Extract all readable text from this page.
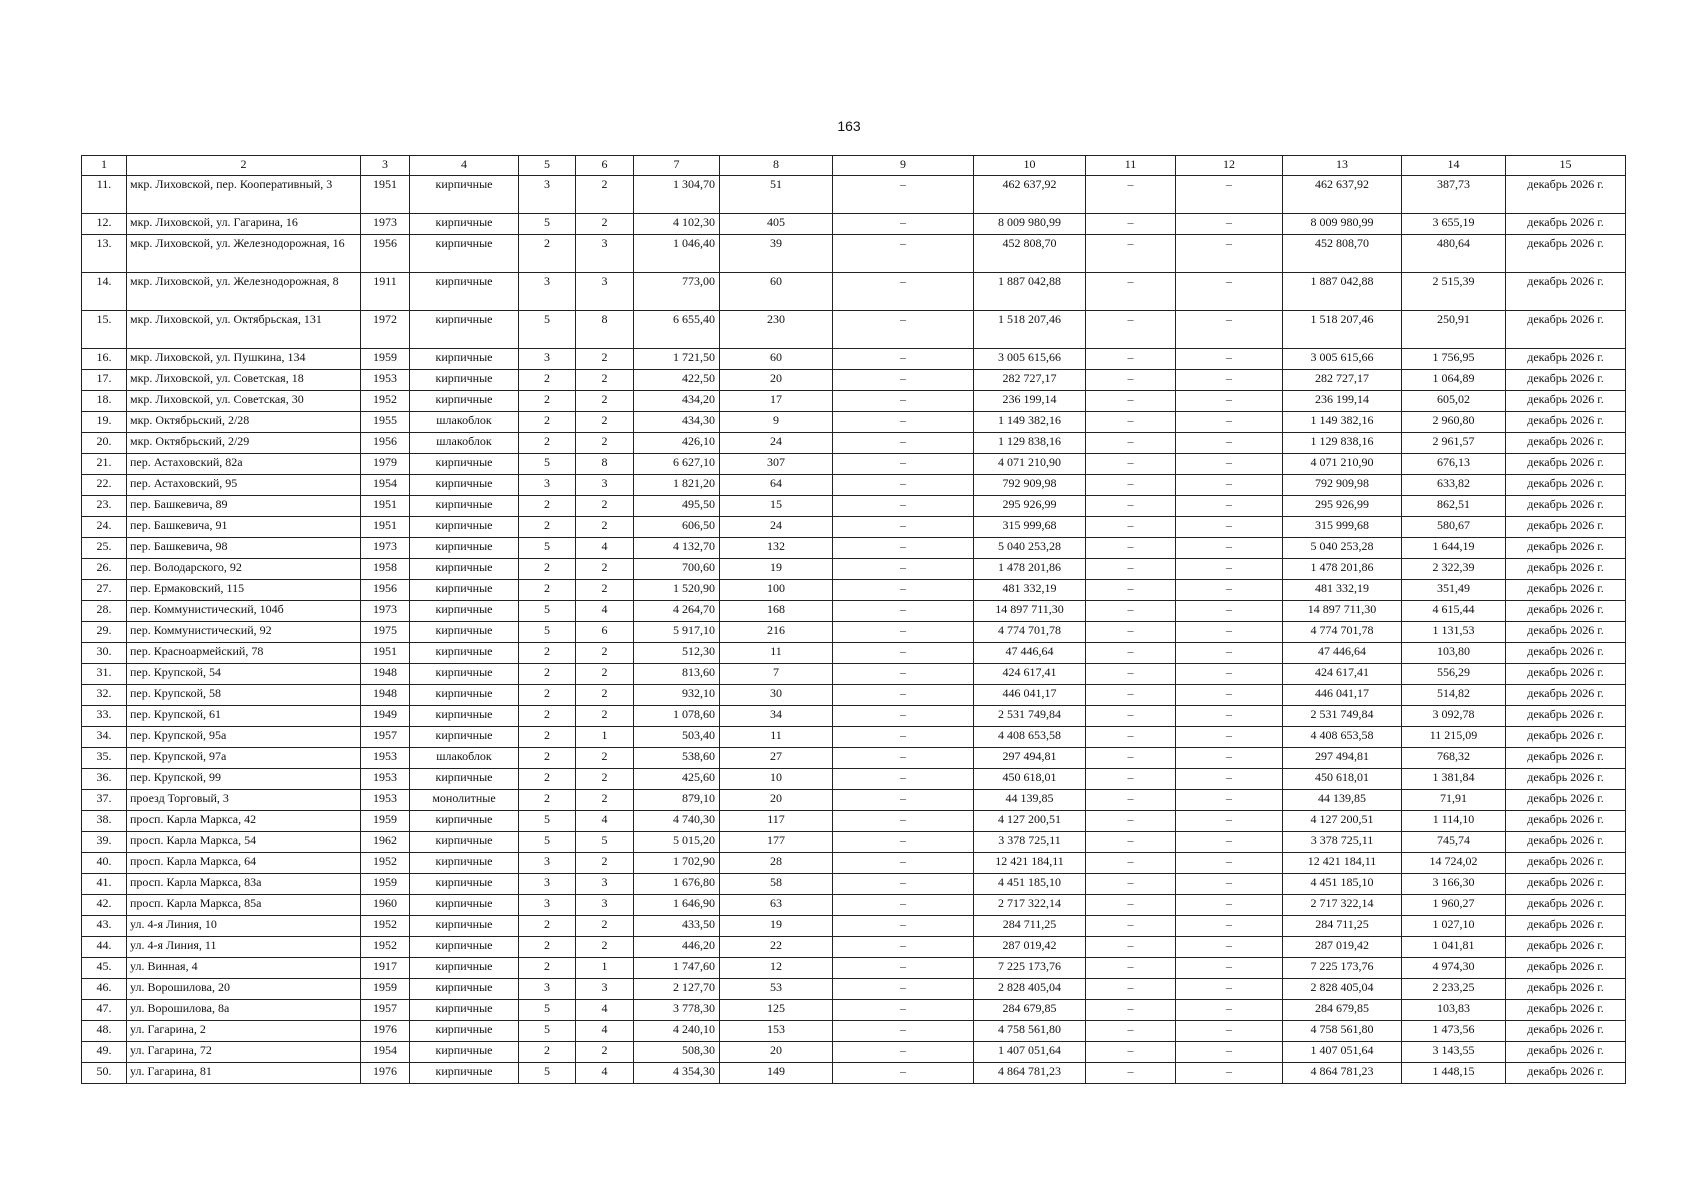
163
1	2	3	4	5	6	7	8	9	10	11	12	13	14	15
11.	мкр. Лиховской, пер. Кооперативный, 3	1951	кирпичные	3	2	1 304,70	51	–	462 637,92	–	–	462 637,92	387,73	декабрь 2026 г.
12.	мкр. Лиховской, ул. Гагарина, 16	1973	кирпичные	5	2	4 102,30	405	–	8 009 980,99	–	–	8 009 980,99	3 655,19	декабрь 2026 г.
13.	мкр. Лиховской, ул. Железнодорожная, 16	1956	кирпичные	2	3	1 046,40	39	–	452 808,70	–	–	452 808,70	480,64	декабрь 2026 г.
14.	мкр. Лиховской, ул. Железнодорожная, 8	1911	кирпичные	3	3	773,00	60	–	1 887 042,88	–	–	1 887 042,88	2 515,39	декабрь 2026 г.
15.	мкр. Лиховской, ул. Октябрьская, 131	1972	кирпичные	5	8	6 655,40	230	–	1 518 207,46	–	–	1 518 207,46	250,91	декабрь 2026 г.
16.	мкр. Лиховской, ул. Пушкина, 134	1959	кирпичные	3	2	1 721,50	60	–	3 005 615,66	–	–	3 005 615,66	1 756,95	декабрь 2026 г.
17.	мкр. Лиховской, ул. Советская, 18	1953	кирпичные	2	2	422,50	20	–	282 727,17	–	–	282 727,17	1 064,89	декабрь 2026 г.
18.	мкр. Лиховской, ул. Советская, 30	1952	кирпичные	2	2	434,20	17	–	236 199,14	–	–	236 199,14	605,02	декабрь 2026 г.
19.	мкр. Октябрьский, 2/28	1955	шлакоблок	2	2	434,30	9	–	1 149 382,16	–	–	1 149 382,16	2 960,80	декабрь 2026 г.
20.	мкр. Октябрьский, 2/29	1956	шлакоблок	2	2	426,10	24	–	1 129 838,16	–	–	1 129 838,16	2 961,57	декабрь 2026 г.
21.	пер. Астаховский, 82а	1979	кирпичные	5	8	6 627,10	307	–	4 071 210,90	–	–	4 071 210,90	676,13	декабрь 2026 г.
22.	пер. Астаховский, 95	1954	кирпичные	3	3	1 821,20	64	–	792 909,98	–	–	792 909,98	633,82	декабрь 2026 г.
23.	пер. Башкевича, 89	1951	кирпичные	2	2	495,50	15	–	295 926,99	–	–	295 926,99	862,51	декабрь 2026 г.
24.	пер. Башкевича, 91	1951	кирпичные	2	2	606,50	24	–	315 999,68	–	–	315 999,68	580,67	декабрь 2026 г.
25.	пер. Башкевича, 98	1973	кирпичные	5	4	4 132,70	132	–	5 040 253,28	–	–	5 040 253,28	1 644,19	декабрь 2026 г.
26.	пер. Володарского, 92	1958	кирпичные	2	2	700,60	19	–	1 478 201,86	–	–	1 478 201,86	2 322,39	декабрь 2026 г.
27.	пер. Ермаковский, 115	1956	кирпичные	2	2	1 520,90	100	–	481 332,19	–	–	481 332,19	351,49	декабрь 2026 г.
28.	пер. Коммунистический, 104б	1973	кирпичные	5	4	4 264,70	168	–	14 897 711,30	–	–	14 897 711,30	4 615,44	декабрь 2026 г.
29.	пер. Коммунистический, 92	1975	кирпичные	5	6	5 917,10	216	–	4 774 701,78	–	–	4 774 701,78	1 131,53	декабрь 2026 г.
30.	пер. Красноармейский, 78	1951	кирпичные	2	2	512,30	11	–	47 446,64	–	–	47 446,64	103,80	декабрь 2026 г.
31.	пер. Крупской, 54	1948	кирпичные	2	2	813,60	7	–	424 617,41	–	–	424 617,41	556,29	декабрь 2026 г.
32.	пер. Крупской, 58	1948	кирпичные	2	2	932,10	30	–	446 041,17	–	–	446 041,17	514,82	декабрь 2026 г.
33.	пер. Крупской, 61	1949	кирпичные	2	2	1 078,60	34	–	2 531 749,84	–	–	2 531 749,84	3 092,78	декабрь 2026 г.
34.	пер. Крупской, 95а	1957	кирпичные	2	1	503,40	11	–	4 408 653,58	–	–	4 408 653,58	11 215,09	декабрь 2026 г.
35.	пер. Крупской, 97а	1953	шлакоблок	2	2	538,60	27	–	297 494,81	–	–	297 494,81	768,32	декабрь 2026 г.
36.	пер. Крупской, 99	1953	кирпичные	2	2	425,60	10	–	450 618,01	–	–	450 618,01	1 381,84	декабрь 2026 г.
37.	проезд Торговый, 3	1953	монолитные	2	2	879,10	20	–	44 139,85	–	–	44 139,85	71,91	декабрь 2026 г.
38.	просп. Карла Маркса, 42	1959	кирпичные	5	4	4 740,30	117	–	4 127 200,51	–	–	4 127 200,51	1 114,10	декабрь 2026 г.
39.	просп. Карла Маркса, 54	1962	кирпичные	5	5	5 015,20	177	–	3 378 725,11	–	–	3 378 725,11	745,74	декабрь 2026 г.
40.	просп. Карла Маркса, 64	1952	кирпичные	3	2	1 702,90	28	–	12 421 184,11	–	–	12 421 184,11	14 724,02	декабрь 2026 г.
41.	просп. Карла Маркса, 83а	1959	кирпичные	3	3	1 676,80	58	–	4 451 185,10	–	–	4 451 185,10	3 166,30	декабрь 2026 г.
42.	просп. Карла Маркса, 85а	1960	кирпичные	3	3	1 646,90	63	–	2 717 322,14	–	–	2 717 322,14	1 960,27	декабрь 2026 г.
43.	ул. 4-я Линия, 10	1952	кирпичные	2	2	433,50	19	–	284 711,25	–	–	284 711,25	1 027,10	декабрь 2026 г.
44.	ул. 4-я Линия, 11	1952	кирпичные	2	2	446,20	22	–	287 019,42	–	–	287 019,42	1 041,81	декабрь 2026 г.
45.	ул. Винная, 4	1917	кирпичные	2	1	1 747,60	12	–	7 225 173,76	–	–	7 225 173,76	4 974,30	декабрь 2026 г.
46.	ул. Ворошилова, 20	1959	кирпичные	3	3	2 127,70	53	–	2 828 405,04	–	–	2 828 405,04	2 233,25	декабрь 2026 г.
47.	ул. Ворошилова, 8а	1957	кирпичные	5	4	3 778,30	125	–	284 679,85	–	–	284 679,85	103,83	декабрь 2026 г.
48.	ул. Гагарина, 2	1976	кирпичные	5	4	4 240,10	153	–	4 758 561,80	–	–	4 758 561,80	1 473,56	декабрь 2026 г.
49.	ул. Гагарина, 72	1954	кирпичные	2	2	508,30	20	–	1 407 051,64	–	–	1 407 051,64	3 143,55	декабрь 2026 г.
50.	ул. Гагарина, 81	1976	кирпичные	5	4	4 354,30	149	–	4 864 781,23	–	–	4 864 781,23	1 448,15	декабрь 2026 г.
